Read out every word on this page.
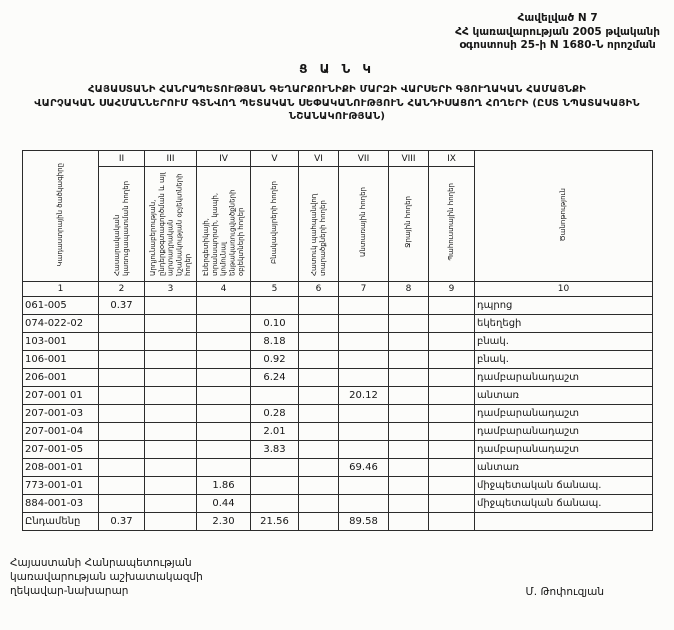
Հավելված N 7
ՀՀ կառավարության 2005 թվականի
օգոստոսի 25-ի N 1680-Ն որոշման
Ց Ա Ն Կ
ՀԱՅԱՍՏԱՆԻ ՀԱՆՐԱՊԵՏՈՒԹՅԱՆ ԳԵՂԱՐՔՈՒՆԻՔԻ ՄԱՐԶԻ ՎԱՐՍԵՐԻ ԳՅՈՒՂԱԿԱՆ ՀԱՄԱՅՆՔԻ
ՎԱՐՉԱԿԱՆ ՍԱՀՄԱՆՆԵՐՈՒՄ ԳՏՆՎՈՂ ՊԵՏԱԿԱՆ ՍԵՓԱԿԱՆՈՒԹՅՈՒՆ ՀԱՆԴԻՍԱՑՈՂ ՀՈՂԵՐԻ (ԸՍՏ ՆՊԱՏԱԿԱՅԻՆ ՆՇԱՆԱԿՈՒԹՅԱՆ)
Կադաստրային ծածկագիրը	II	III	IV	V	VI	VII	VIII	IX	Ծանոթություն
	Հասարակական կառուցապատման հողեր	Արդյունաբերության, ընդերքօգտագործման և այլ արտադրական նշանակության օբյեկտների հողեր	Էներգետիկայի, տրանսպորտի, կապի, կոմունալ ենթակառուցվածքների օբյեկտների հողեր	Բնակավայրերի հողեր	Հատուկ պահպանվող տարածքների հողեր	Անտառային հողեր	Ջրային հողեր	Պահուստային հողեր	
1	2	3	4	5	6	7	8	9	10
061-005	0.37								դպրոց
074-022-02				0.10					եկեղեցի
103-001				8.18					բնակ.
106-001				0.92					բնակ.
206-001				6.24					դամբարանադաշտ
207-001 01						20.12			անտառ
207-001-03				0.28					դամբարանադաշտ
207-001-04				2.01					դամբարանադաշտ
207-001-05				3.83					դամբարանադաշտ
208-001-01						69.46			անտառ
773-001-01			1.86						միջպետական ճանապ.
884-001-03			0.44						միջպետական ճանապ.
Ընդամենը	0.37		2.30	21.56		89.58			
Հայաստանի Հանրապետության
կառավարության աշխատակազմի
ղեկավար-նախարար	Մ. Թոփուզյան
